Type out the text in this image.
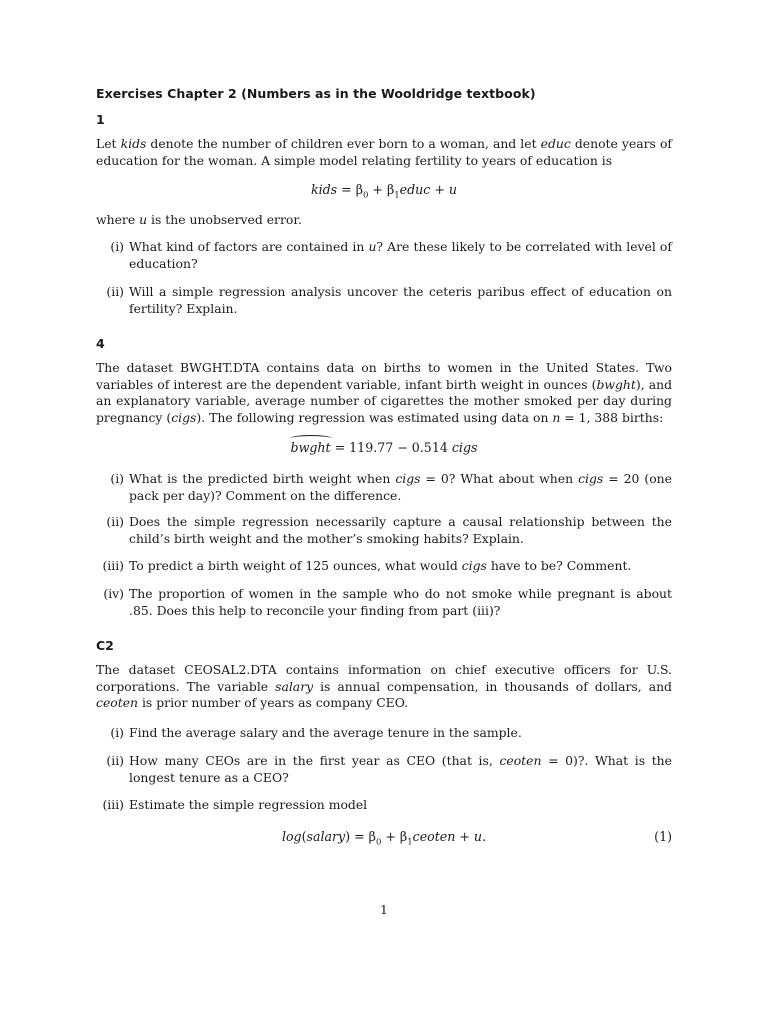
Exercises Chapter 2 (Numbers as in the Wooldridge textbook)
1
Let kids denote the number of children ever born to a woman, and let educ denote years of education for the woman. A simple model relating fertility to years of education is
kids = $\beta_0$ + $\beta_1educ + u$
where u is the unobserved error.
(i) What kind of factors are contained in u? Are these likely to be correlated with level of education?
(ii) Will a simple regression analysis uncover the ceteris paribus effect of education on fertility? Explain.
4
The dataset BWGHT.DTA contains data on births to women in the United States. Two variables of interest are the dependent variable, infant birth weight in ounces (bwght), and an explanatory variable, average number of cigarettes the mother smoked per day during pregnancy (cigs). The following regression was estimated using data on n = 1, 388 births:
bwght = 119.77 − 0.514 cigs
(i) What is the predicted birth weight when cigs = 0? What about when cigs = 20 (one pack per day)? Comment on the difference.
(ii) Does the simple regression necessarily capture a causal relationship between the child’s birth weight and the mother’s smoking habits? Explain.
(iii) To predict a birth weight of 125 ounces, what would cigs have to be? Comment.
(iv) The proportion of women in the sample who do not smoke while pregnant is about .85. Does this help to reconcile your finding from part (iii)?
C2
The dataset CEOSAL2.DTA contains information on chief executive officers for U.S. corporations. The variable salary is annual compensation, in thousands of dollars, and ceoten is prior number of years as company CEO.
(i) Find the average salary and the average tenure in the sample.
(ii) How many CEOs are in the first year as CEO (that is, ceoten = 0)?. What is the longest tenure as a CEO?
(iii) Estimate the simple regression model
log(salary) = $\beta_0$ + $\beta_1ceoten + u$.	(1)
1
